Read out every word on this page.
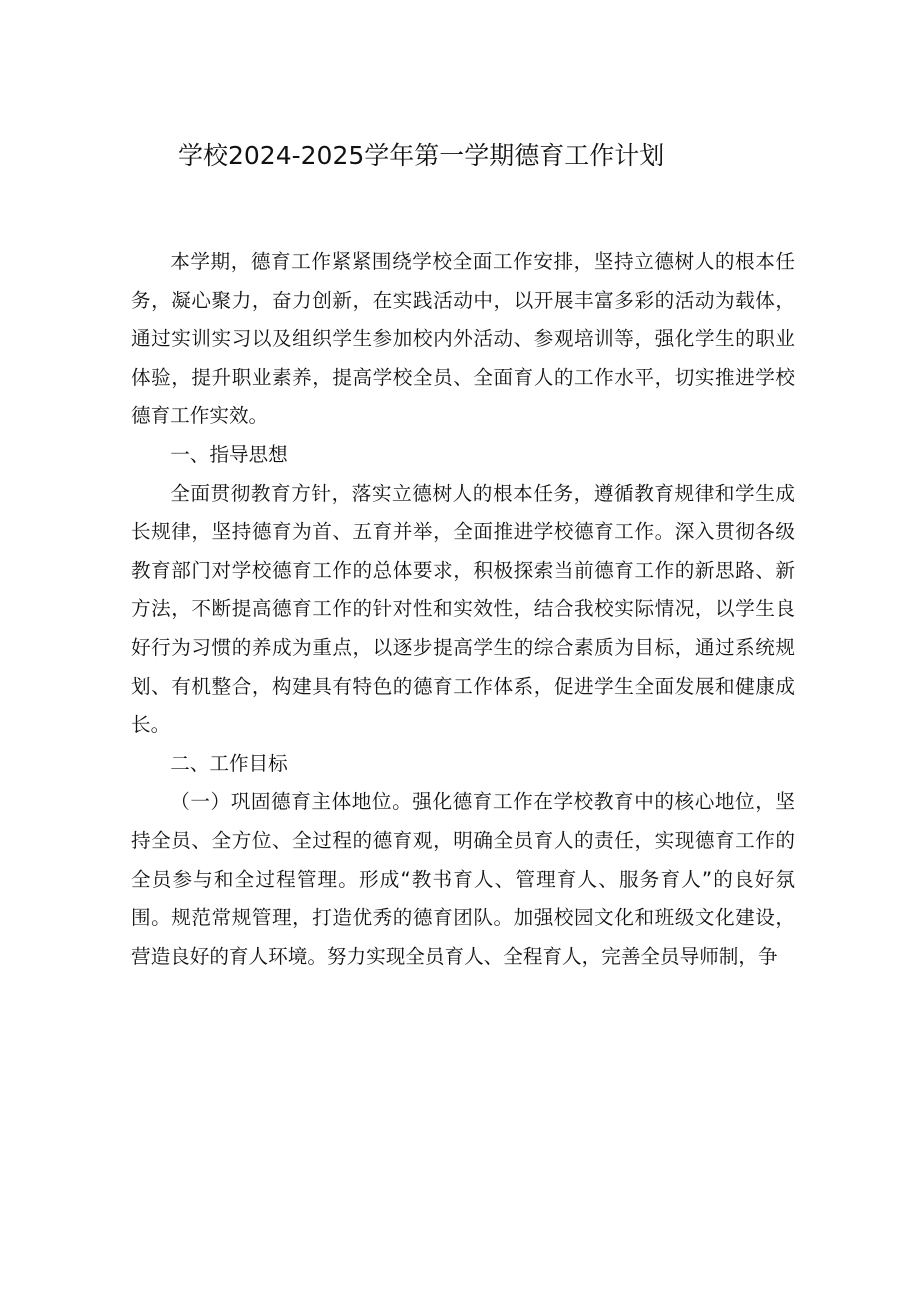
学校2024-2025学年第一学期德育工作计划

本学期，德育工作紧紧围绕学校全面工作安排，坚持立德树人的根本任务，凝心聚力，奋力创新，在实践活动中，以开展丰富多彩的活动为载体，通过实训实习以及组织学生参加校内外活动、参观培训等，强化学生的职业体验，提升职业素养，提高学校全员、全面育人的工作水平，切实推进学校德育工作实效。

一、指导思想

全面贯彻教育方针，落实立德树人的根本任务，遵循教育规律和学生成长规律，坚持德育为首、五育并举，全面推进学校德育工作。深入贯彻各级教育部门对学校德育工作的总体要求，积极探索当前德育工作的新思路、新方法，不断提高德育工作的针对性和实效性，结合我校实际情况，以学生良好行为习惯的养成为重点，以逐步提高学生的综合素质为目标，通过系统规划、有机整合，构建具有特色的德育工作体系，促进学生全面发展和健康成长。

二、工作目标

（一）巩固德育主体地位。强化德育工作在学校教育中的核心地位，坚持全员、全方位、全过程的德育观，明确全员育人的责任，实现德育工作的全员参与和全过程管理。形成“教书育人、管理育人、服务育人”的良好氛围。规范常规管理，打造优秀的德育团队。加强校园文化和班级文化建设，营造良好的育人环境。努力实现全员育人、全程育人，完善全员导师制，争
